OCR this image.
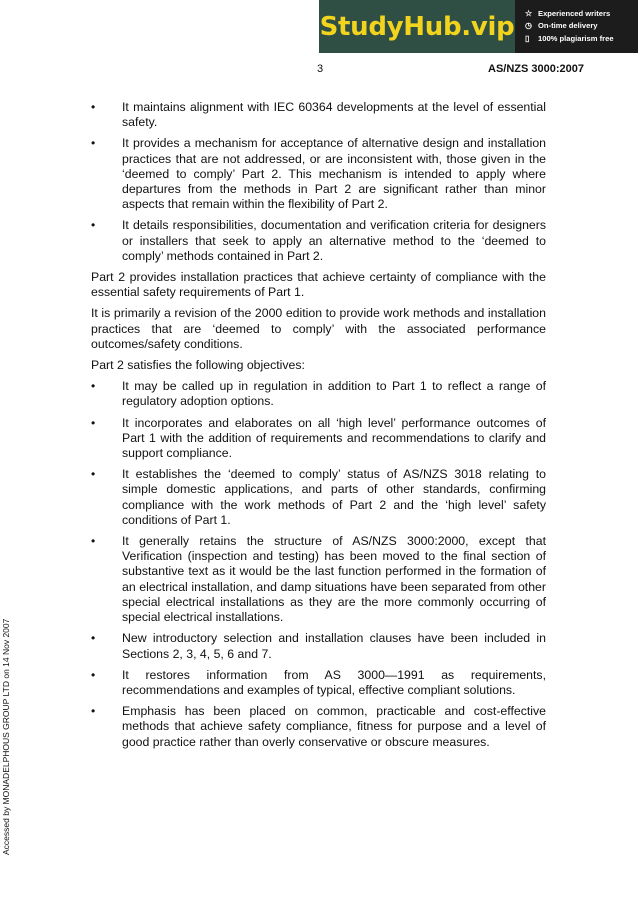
StudyHub.vip ☆ Experienced writers
◷ On-time delivery
▯	100% plagiarism free
3	AS/NZS 3000:2007
Accessed by MONADELPHOUS GROUP LTD on 14 Nov 2007
•	It maintains alignment with IEC 60364 developments at the level of essential safety.
•	It provides a mechanism for acceptance of alternative design and installation practices that are not addressed, or are inconsistent with, those given in the ‘deemed to comply’ Part 2. This mechanism is intended to apply where departures from the methods in Part 2 are significant rather than minor aspects that remain within the flexibility of Part 2.
•	It details responsibilities, documentation and verification criteria for designers or installers that seek to apply an alternative method to the ‘deemed to comply’ methods contained in Part 2.
Part 2 provides installation practices that achieve certainty of compliance with the essential safety requirements of Part 1.
It is primarily a revision of the 2000 edition to provide work methods and installation practices that are ‘deemed to comply’ with the associated performance outcomes/safety conditions.
Part 2 satisfies the following objectives:
•	It may be called up in regulation in addition to Part 1 to reflect a range of regulatory adoption options.
•	It incorporates and elaborates on all ‘high level’ performance outcomes of Part 1 with the addition of requirements and recommendations to clarify and support compliance.
•	It establishes the ‘deemed to comply’ status of AS/NZS 3018 relating to simple domestic applications, and parts of other standards, confirming compliance with the work methods of Part 2 and the ‘high level’ safety conditions of Part 1.
•	It generally retains the structure of AS/NZS 3000:2000, except that Verification (inspection and testing) has been moved to the final section of substantive text as it would be the last function performed in the formation of an electrical installation, and damp situations have been separated from other special electrical installations as they are the more commonly occurring of special electrical installations.
•	New introductory selection and installation clauses have been included in Sections 2, 3, 4, 5, 6 and 7.
•	It restores information from AS 3000—1991 as requirements, recommendations and examples of typical, effective compliant solutions.
•	Emphasis has been placed on common, practicable and cost-effective methods that achieve safety compliance, fitness for purpose and a level of good practice rather than overly conservative or obscure measures.
